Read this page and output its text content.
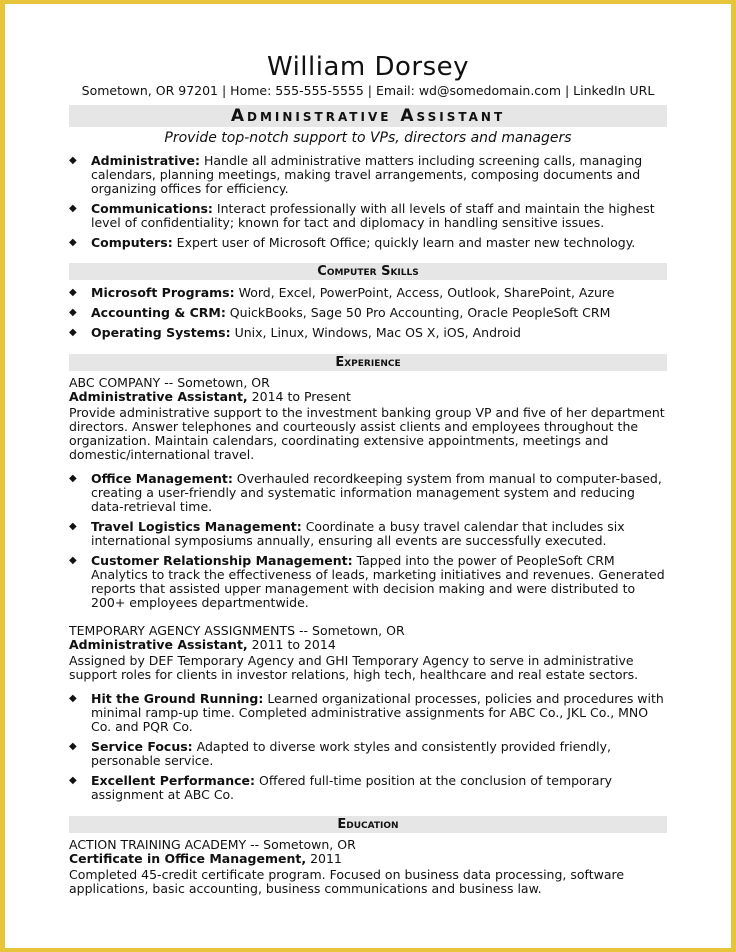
William Dorsey
Sometown, OR 97201 | Home: 555-555-5555 | Email: wd@somedomain.com | LinkedIn URL
Administrative Assistant
Provide top-notch support to VPs, directors and managers
◆ Administrative: Handle all administrative matters including screening calls, managing calendars, planning meetings, making travel arrangements, composing documents and organizing offices for efficiency.
◆ Communications: Interact professionally with all levels of staff and maintain the highest level of confidentiality; known for tact and diplomacy in handling sensitive issues.
◆ Computers: Expert user of Microsoft Office; quickly learn and master new technology.
Computer Skills
◆ Microsoft Programs: Word, Excel, PowerPoint, Access, Outlook, SharePoint, Azure
◆ Accounting & CRM: QuickBooks, Sage 50 Pro Accounting, Oracle PeopleSoft CRM
◆ Operating Systems: Unix, Linux, Windows, Mac OS X, iOS, Android
Experience
ABC COMPANY -- Sometown, OR
Administrative Assistant, 2014 to Present
Provide administrative support to the investment banking group VP and five of her department directors. Answer telephones and courteously assist clients and employees throughout the organization. Maintain calendars, coordinating extensive appointments, meetings and domestic/international travel.
◆ Office Management: Overhauled recordkeeping system from manual to computer-based, creating a user-friendly and systematic information management system and reducing data-retrieval time.
◆ Travel Logistics Management: Coordinate a busy travel calendar that includes six international symposiums annually, ensuring all events are successfully executed.
◆ Customer Relationship Management: Tapped into the power of PeopleSoft CRM Analytics to track the effectiveness of leads, marketing initiatives and revenues. Generated reports that assisted upper management with decision making and were distributed to 200+ employees departmentwide.
TEMPORARY AGENCY ASSIGNMENTS -- Sometown, OR
Administrative Assistant, 2011 to 2014
Assigned by DEF Temporary Agency and GHI Temporary Agency to serve in administrative support roles for clients in investor relations, high tech, healthcare and real estate sectors.
◆ Hit the Ground Running: Learned organizational processes, policies and procedures with minimal ramp-up time. Completed administrative assignments for ABC Co., JKL Co., MNO Co. and PQR Co.
◆ Service Focus: Adapted to diverse work styles and consistently provided friendly, personable service.
◆ Excellent Performance: Offered full-time position at the conclusion of temporary assignment at ABC Co.
Education
ACTION TRAINING ACADEMY -- Sometown, OR
Certificate in Office Management, 2011
Completed 45-credit certificate program. Focused on business data processing, software applications, basic accounting, business communications and business law.
